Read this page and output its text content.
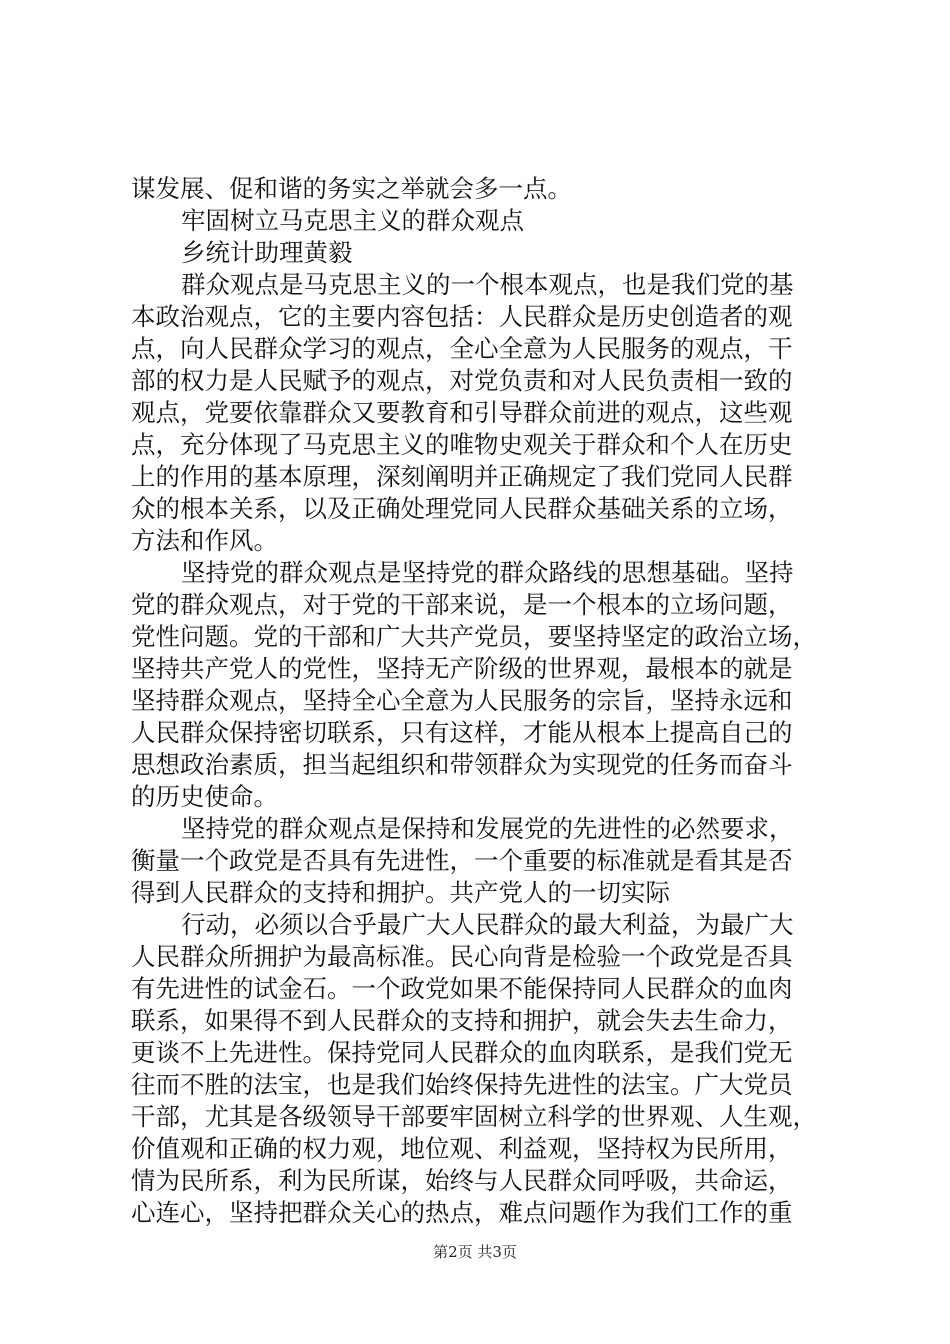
谋发展、促和谐的务实之举就会多一点。
牢固树立马克思主义的群众观点
乡统计助理黄毅
群众观点是马克思主义的一个根本观点，也是我们党的基
本政治观点，它的主要内容包括：人民群众是历史创造者的观
点，向人民群众学习的观点，全心全意为人民服务的观点，干
部的权力是人民赋予的观点，对党负责和对人民负责相一致的
观点，党要依靠群众又要教育和引导群众前进的观点，这些观
点，充分体现了马克思主义的唯物史观关于群众和个人在历史
上的作用的基本原理，深刻阐明并正确规定了我们党同人民群
众的根本关系，以及正确处理党同人民群众基础关系的立场，
方法和作风。
坚持党的群众观点是坚持党的群众路线的思想基础。坚持
党的群众观点，对于党的干部来说，是一个根本的立场问题，
党性问题。党的干部和广大共产党员，要坚持坚定的政治立场，
坚持共产党人的党性，坚持无产阶级的世界观，最根本的就是
坚持群众观点，坚持全心全意为人民服务的宗旨，坚持永远和
人民群众保持密切联系，只有这样，才能从根本上提高自己的
思想政治素质，担当起组织和带领群众为实现党的任务而奋斗
的历史使命。
坚持党的群众观点是保持和发展党的先进性的必然要求，
衡量一个政党是否具有先进性，一个重要的标准就是看其是否
得到人民群众的支持和拥护。共产党人的一切实际
行动，必须以合乎最广大人民群众的最大利益，为最广大
人民群众所拥护为最高标准。民心向背是检验一个政党是否具
有先进性的试金石。一个政党如果不能保持同人民群众的血肉
联系，如果得不到人民群众的支持和拥护，就会失去生命力，
更谈不上先进性。保持党同人民群众的血肉联系，是我们党无
往而不胜的法宝，也是我们始终保持先进性的法宝。广大党员
干部，尤其是各级领导干部要牢固树立科学的世界观、人生观，
价值观和正确的权力观，地位观、利益观，坚持权为民所用，
情为民所系，利为民所谋，始终与人民群众同呼吸，共命运，
心连心，坚持把群众关心的热点，难点问题作为我们工作的重
第2页 共3页
